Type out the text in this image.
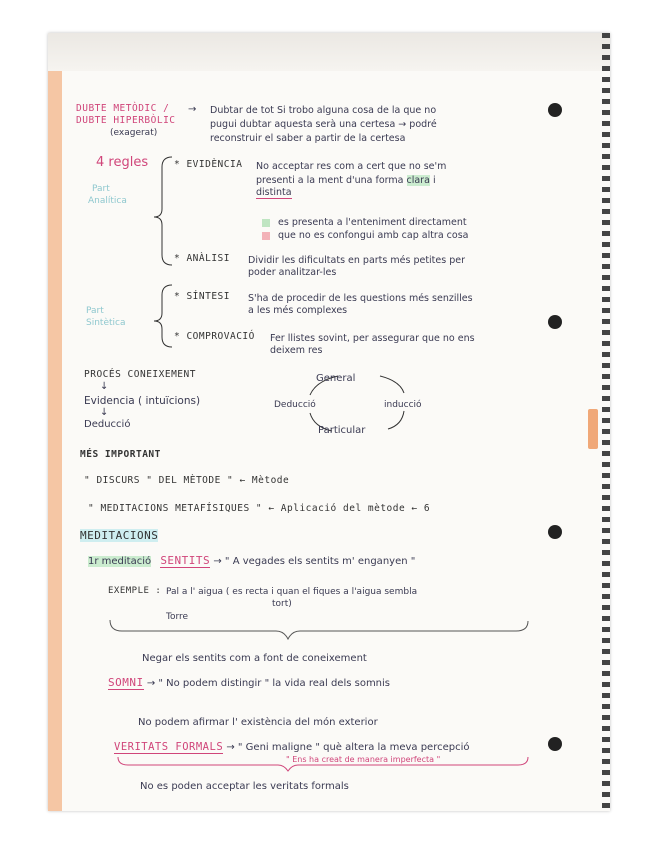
DUBTE METÒDIC /
DUBTE HIPERBÒLIC
(exagerat)
→ Dubtar de tot Si trobo alguna cosa de la que no
pugui dubtar aquesta serà una certesa → podré
reconstruir el saber a partir de la certesa
4 regles
Part
Analítica
Part
Sintètica
* EVIDÈNCIA No acceptar res com a cert que no se'm
presenti a la ment d'una forma clara i
distinta
es presenta a l'enteniment directament
que no es confongui amb cap altra cosa
* ANÀLISI Dividir les dificultats en parts més petites per
poder analitzar-les
* SÍNTESI S'ha de procedir de les questions més senzilles
a les més complexes
* COMPROVACIÓ Fer llistes sovint, per assegurar que no ens
deixem res
PROCÉS CONEIXEMENT
↓
Evidencia ( intuïcions)
↓
Deducció
General
Deducció	inducció
Particular
MÉS IMPORTANT
" DISCURS " DEL MÈTODE " ← Mètode
" MEDITACIONS METAFÍSIQUES " ← Aplicació del mètode ← 6
MEDITACIONS
1r meditació SENTITS → " A vegades els sentits m' enganyen "
EXEMPLE : Pal a l' aigua ( es recta i quan el fiques a l'aigua sembla
tort)
Torre
Negar els sentits com a font de coneixement
SOMNI → " No podem distingir " la vida real dels somnis
No podem afirmar l' existència del món exterior
VERITATS FORMALS → " Geni maligne " què altera la meva percepció
" Ens ha creat de manera imperfecta "
No es poden acceptar les veritats formals
